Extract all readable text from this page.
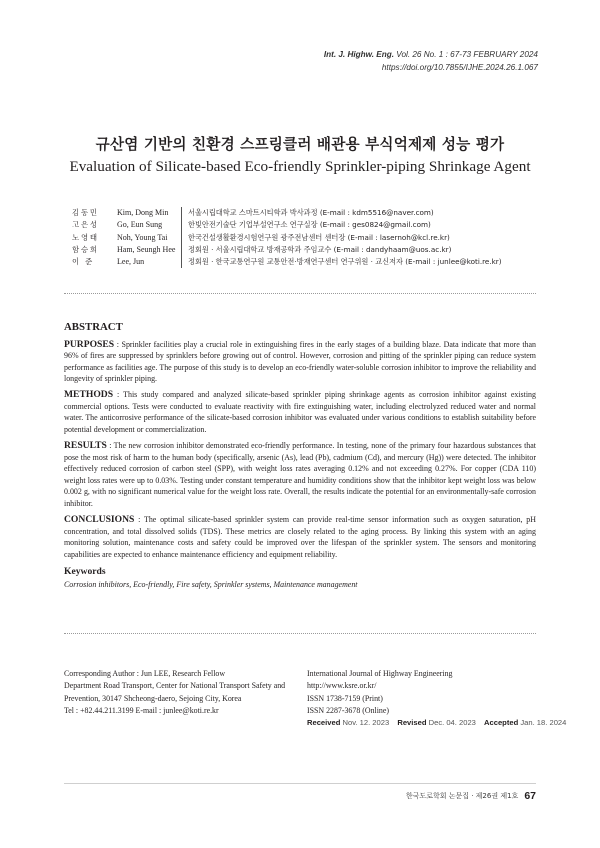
Int. J. Highw. Eng. Vol. 26 No. 1 : 67-73 FEBRUARY 2024
https://doi.org/10.7855/IJHE.2024.26.1.067
규산염 기반의 친환경 스프링클러 배관용 부식억제제 성능 평가
Evaluation of Silicate-based Eco-friendly Sprinkler-piping Shrinkage Agent
김동민	Kim, Dong Min	서울시립대학교 스마트시티학과 박사과정 (E-mail : kdm5516@naver.com)
고은성	Go, Eun Sung	한빛안전기술단 기업부설연구소 연구실장 (E-mail : ges0824@gmail.com)
노영태	Noh, Young Tai	한국건설생활환경시험연구원 광주전남센터 센터장 (E-mail : lasernoh@kcl.re.kr)
함승희	Ham, Seungh Hee	정회원 · 서울시립대학교 방재공학과 주임교수 (E-mail : dandyhaam@uos.ac.kr)
이 준	Lee, Jun	정회원 · 한국교통연구원 교통안전·방재연구센터 연구위원 · 교신저자 (E-mail : junlee@koti.re.kr)
ABSTRACT

PURPOSES : Sprinkler facilities play a crucial role in extinguishing fires in the early stages of a building blaze. Data indicate that more than 96% of fires are suppressed by sprinklers before growing out of control. However, corrosion and pitting of the sprinkler piping can reduce system performance as facilities age. The purpose of this study is to develop an eco-friendly water-soluble corrosion inhibitor to improve the reliability and longevity of sprinkler piping.

METHODS : This study compared and analyzed silicate-based sprinkler piping shrinkage agents as corrosion inhibitor against existing commercial options. Tests were conducted to evaluate reactivity with fire extinguishing water, including electrolyzed reduced water and normal water. The anticorrosive performance of the silicate-based corrosion inhibitor was evaluated under various conditions to establish suitability before potential development or commercialization.

RESULTS : The new corrosion inhibitor demonstrated eco-friendly performance. In testing, none of the primary four hazardous substances that pose the most risk of harm to the human body (specifically, arsenic (As), lead (Pb), cadmium (Cd), and mercury (Hg)) were detected. The inhibitor effectively reduced corrosion of carbon steel (SPP), with weight loss rates averaging 0.12% and not exceeding 0.27%. For copper (CDA 110) weight loss rates were up to 0.03%. Testing under constant temperature and humidity conditions show that the inhibitor kept weight loss was below 0.002 g, with no significant numerical value for the weight loss rate. Overall, the results indicate the potential for an environmentally-safe corrosion inhibitor.

CONCLUSIONS : The optimal silicate-based sprinkler system can provide real-time sensor information such as oxygen saturation, pH concentration, and total dissolved solids (TDS). These metrics are closely related to the aging process. By linking this system with an aging monitoring solution, maintenance costs and safety could be improved over the lifespan of the sprinkler system. The sensors and monitoring capabilities are expected to enhance maintenance efficiency and equipment reliability.

Keywords

Corrosion inhibitors, Eco-friendly, Fire safety, Sprinkler systems, Maintenance management

Corresponding Author : Jun LEE, Research Fellow
Department Road Transport, Center for National Transport Safety and
Prevention, 30147 Shcheong-daero, Sejoing City, Korea
Tel : +82.44.211.3199 E-mail : junlee@koti.re.kr
International Journal of Highway Engineering
http://www.ksre.or.kr/
ISSN 1738-7159 (Print)
ISSN 2287-3678 (Online)
Received Nov. 12. 2023 Revised Dec. 04. 2023 Accepted Jan. 18. 2024
한국도로학회 논문집 · 제26권 제1호 67
